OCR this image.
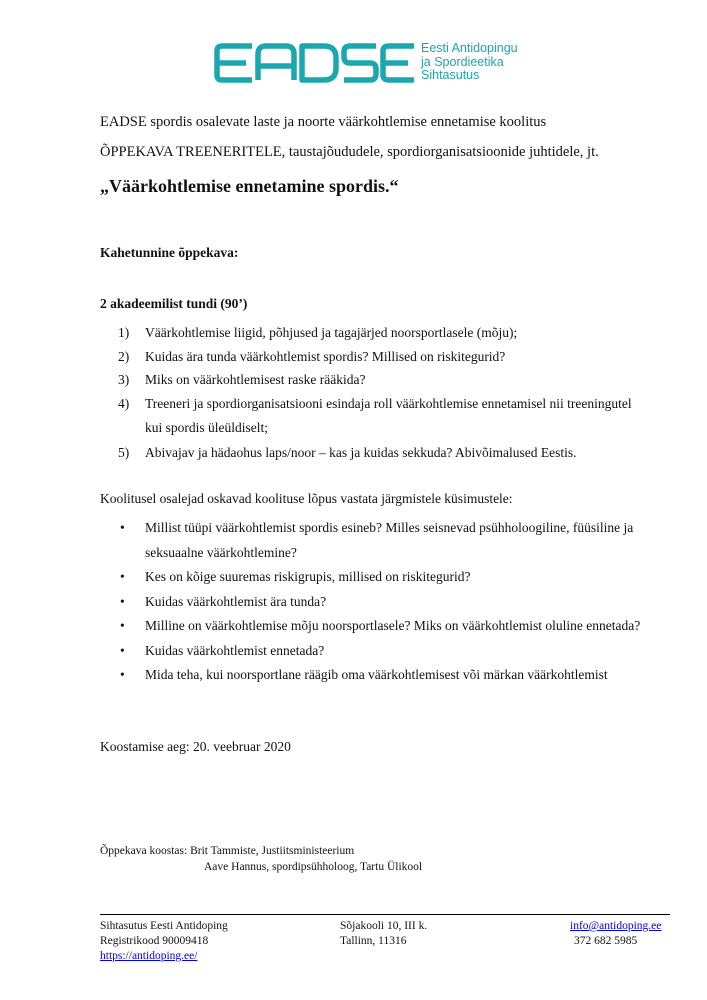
Eesti Antidopingu
ja Spordieetika
Sihtasutus
EADSE spordis osalevate laste ja noorte väärkohtlemise ennetamise koolitus
ÕPPEKAVA TREENERITELE, taustajõududele, spordiorganisatsioonide juhtidele, jt.
„Väärkohtlemise ennetamine spordis.“
Kahetunnine õppekava:
2 akadeemilist tundi (90’)
1) Väärkohtlemise liigid, põhjused ja tagajärjed noorsportlasele (mõju);
2) Kuidas ära tunda väärkohtlemist spordis? Millised on riskitegurid?
3) Miks on väärkohtlemisest raske rääkida?
4) Treeneri ja spordiorganisatsiooni esindaja roll väärkohtlemise ennetamisel nii treeningutel
kui spordis üleüldiselt;
5) Abivajav ja hädaohus laps/noor – kas ja kuidas sekkuda? Abivõimalused Eestis.
Koolitusel osalejad oskavad koolituse lõpus vastata järgmistele küsimustele:
• Millist tüüpi väärkohtlemist spordis esineb? Milles seisnevad psühholoogiline, füüsiline ja
seksuaalne väärkohtlemine?
• Kes on kõige suuremas riskigrupis, millised on riskitegurid?
• Kuidas väärkohtlemist ära tunda?
• Milline on väärkohtlemise mõju noorsportlasele? Miks on väärkohtlemist oluline ennetada?
• Kuidas väärkohtlemist ennetada?
• Mida teha, kui noorsportlane räägib oma väärkohtlemisest või märkan väärkohtlemist
Koostamise aeg: 20. veebruar 2020
Õppekava koostas: Brit Tammiste, Justiitsministeerium
Aave Hannus, spordipsühholoog, Tartu Ülikool
Sihtasutus Eesti Antidoping
Registrikood 90009418
https://antidoping.ee/
Sõjakooli 10, III k.
Tallinn, 11316
info@antidoping.ee
372 682 5985
